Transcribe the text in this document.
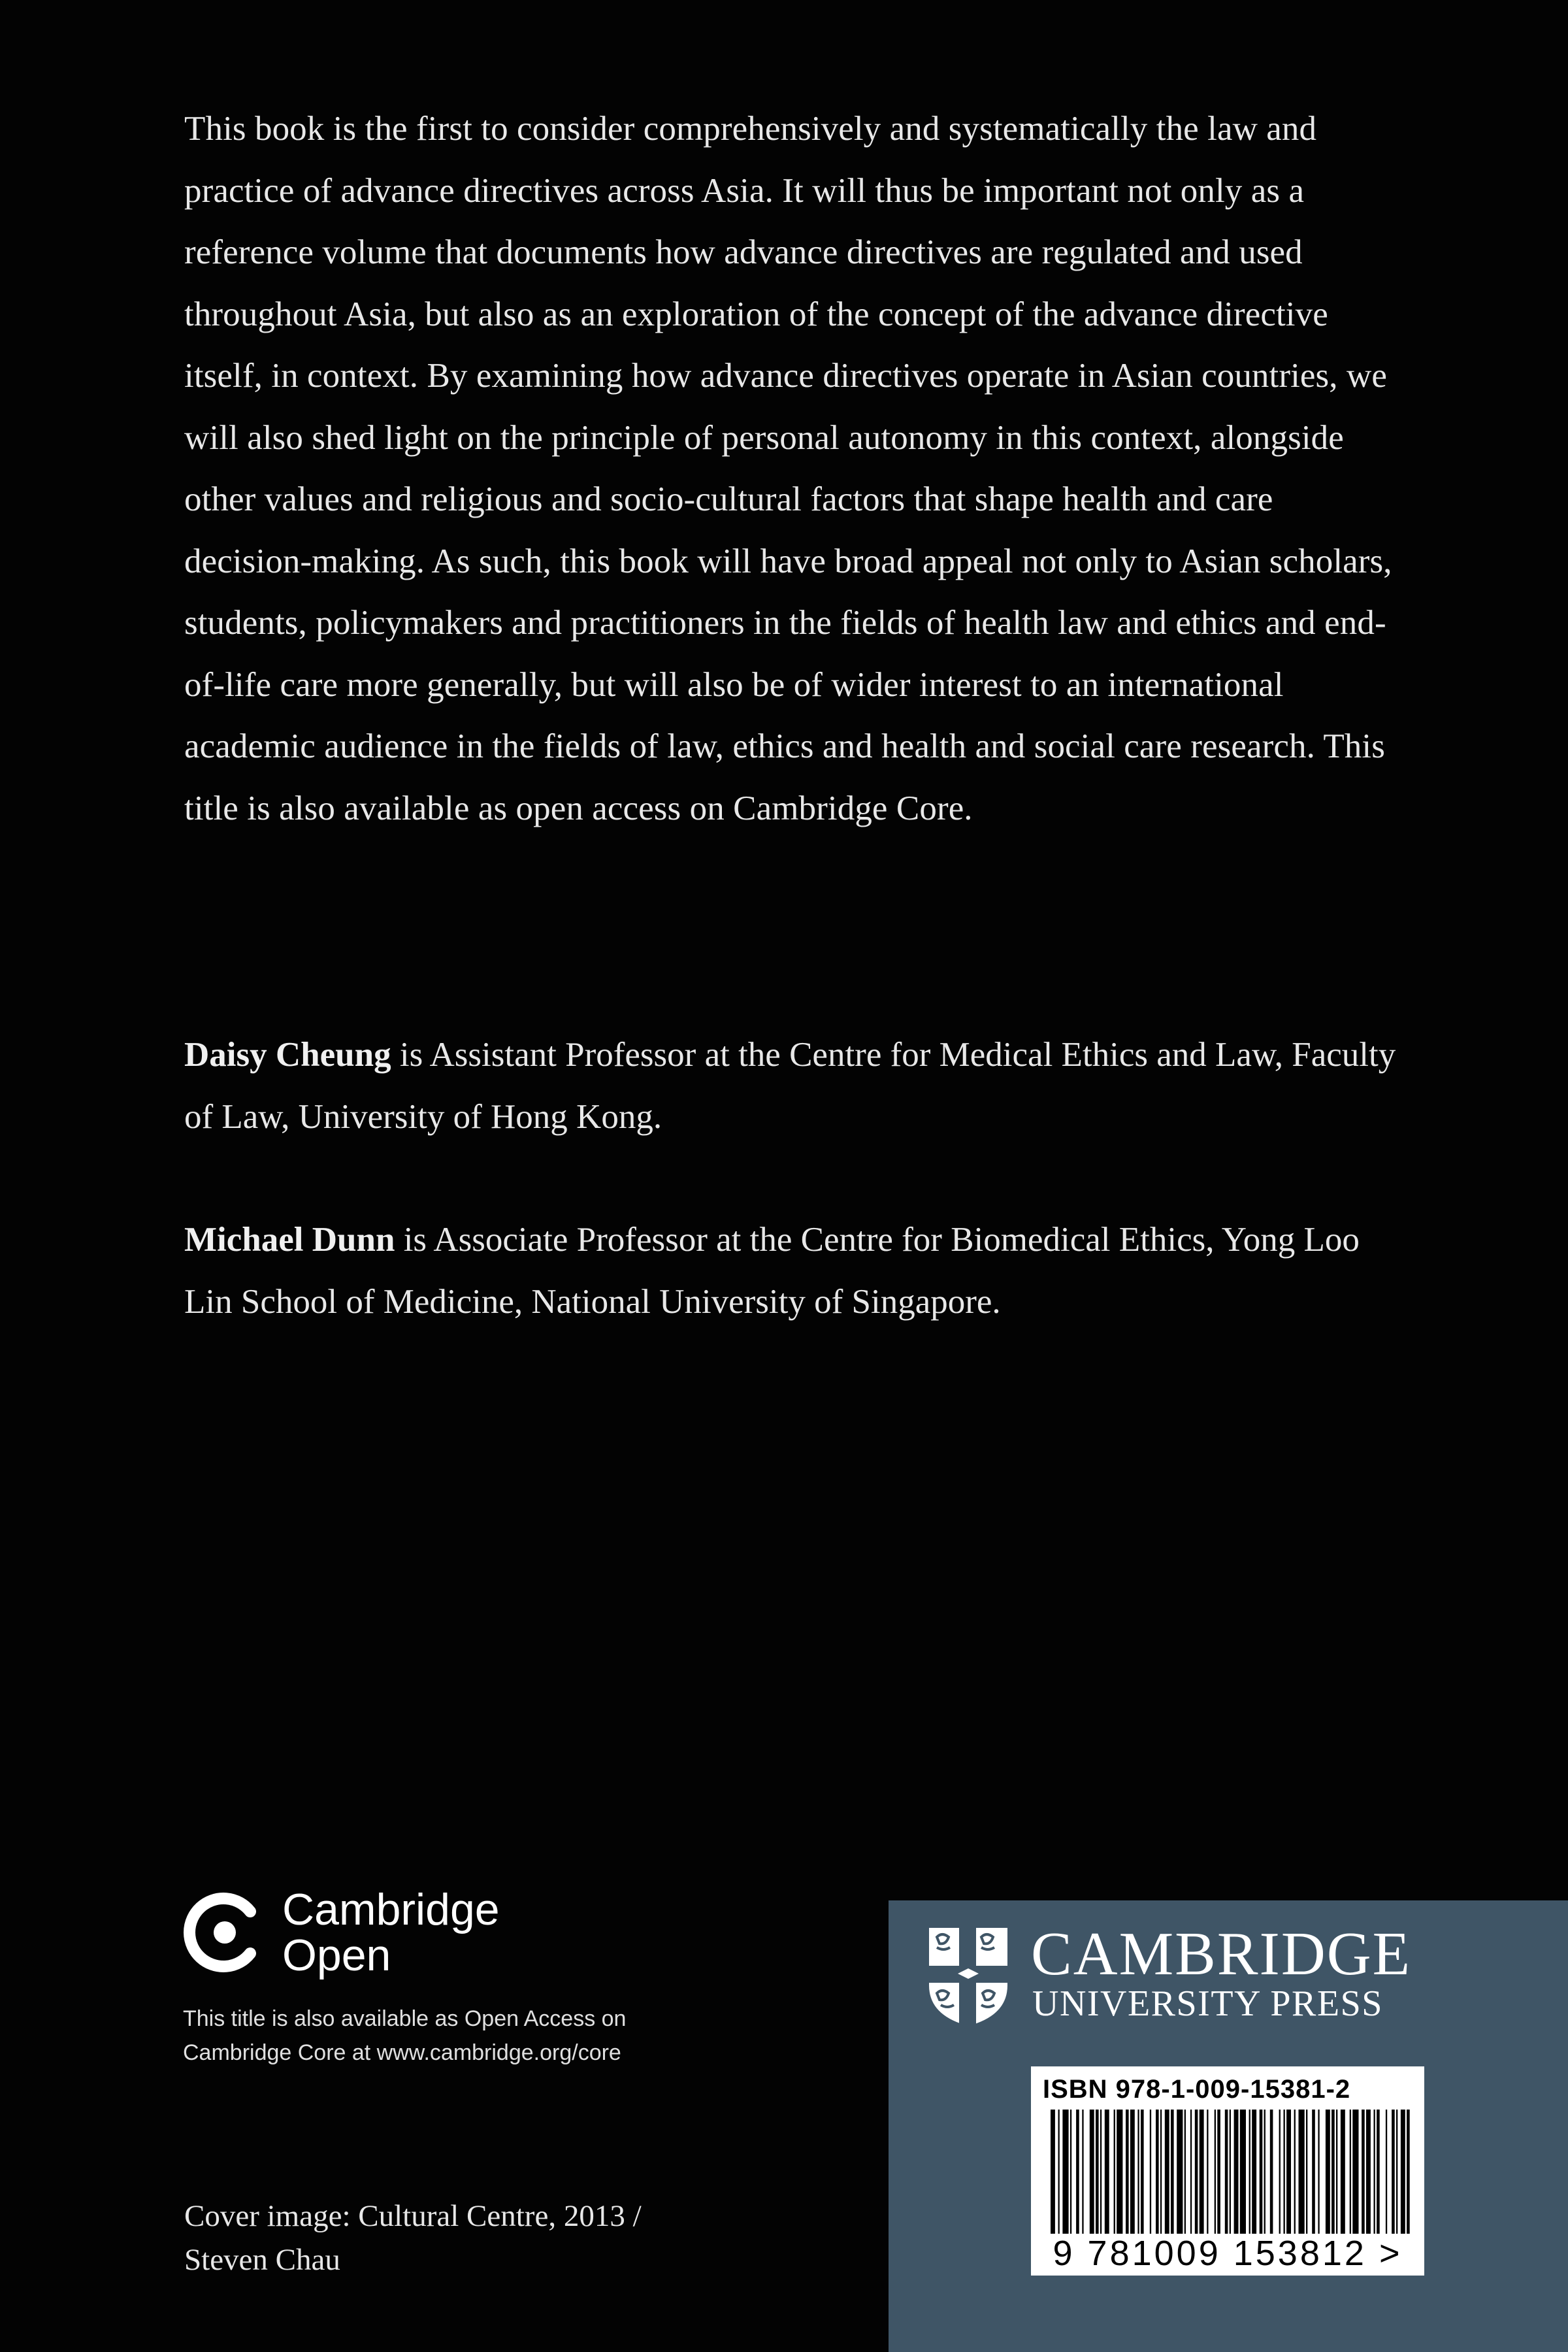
This book is the first to consider comprehensively and systematically the law and practice of advance directives across Asia. It will thus be important not only as a reference volume that documents how advance directives are regulated and used throughout Asia, but also as an exploration of the concept of the advance directive itself, in context. By examining how advance directives operate in Asian countries, we will also shed light on the principle of personal autonomy in this context, alongside other values and religious and socio-cultural factors that shape health and care decision-making. As such, this book will have broad appeal not only to Asian scholars, students, policymakers and practitioners in the fields of health law and ethics and end-of-life care more generally, but will also be of wider interest to an international academic audience in the fields of law, ethics and health and social care research. This title is also available as open access on Cambridge Core.

Daisy Cheung is Assistant Professor at the Centre for Medical Ethics and Law, Faculty of Law, University of Hong Kong.

Michael Dunn is Associate Professor at the Centre for Biomedical Ethics, Yong Loo Lin School of Medicine, National University of Singapore.

Cambridge
Open
This title is also available as Open Access on
Cambridge Core at www.cambridge.org/core
Cover image: Cultural Centre, 2013 /
Steven Chau
CAMBRIDGE
UNIVERSITY PRESS
ISBN 978-1-009-15381-2
9 781009 153812 >
